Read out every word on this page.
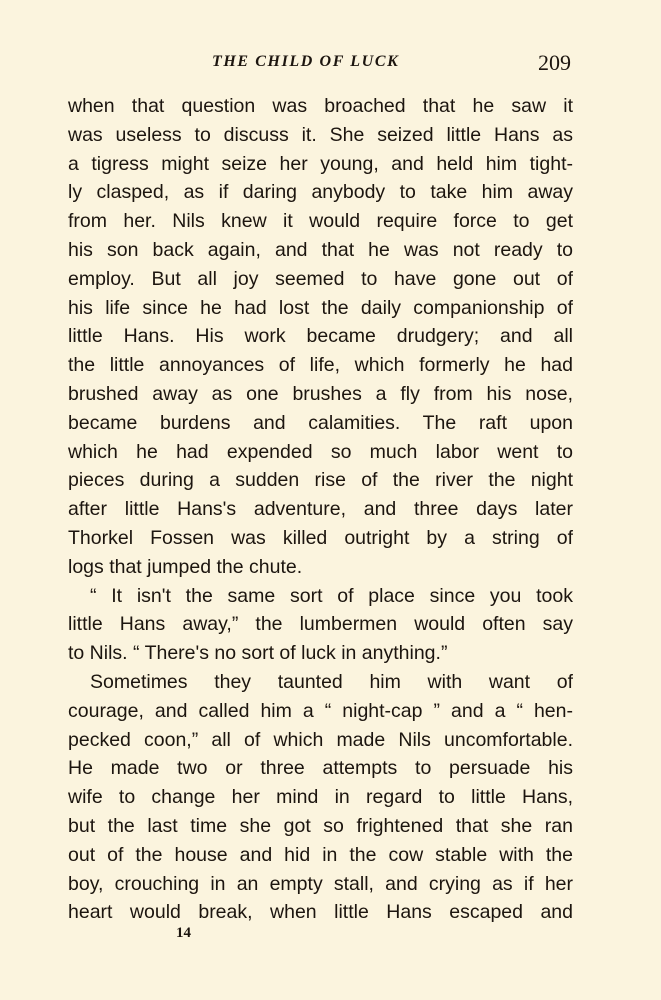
THE CHILD OF LUCK	209
when that question was broached that he saw it
was useless to discuss it. She seized little Hans as
a tigress might seize her young, and held him tight-
ly clasped, as if daring anybody to take him away
from her. Nils knew it would require force to get
his son back again, and that he was not ready to
employ. But all joy seemed to have gone out of
his life since he had lost the daily companionship of
little Hans. His work became drudgery; and all
the little annoyances of life, which formerly he had
brushed away as one brushes a fly from his nose,
became burdens and calamities. The raft upon
which he had expended so much labor went to
pieces during a sudden rise of the river the night
after little Hans's adventure, and three days later
Thorkel Fossen was killed outright by a string of
logs that jumped the chute.
“ It isn't the same sort of place since you took
little Hans away,” the lumbermen would often say
to Nils. “ There's no sort of luck in anything.”
Sometimes they taunted him with want of
courage, and called him a “ night-cap ” and a “ hen-
pecked coon,” all of which made Nils uncomfortable.
He made two or three attempts to persuade his
wife to change her mind in regard to little Hans,
but the last time she got so frightened that she ran
out of the house and hid in the cow stable with the
boy, crouching in an empty stall, and crying as if her
heart would break, when little Hans escaped and
14
